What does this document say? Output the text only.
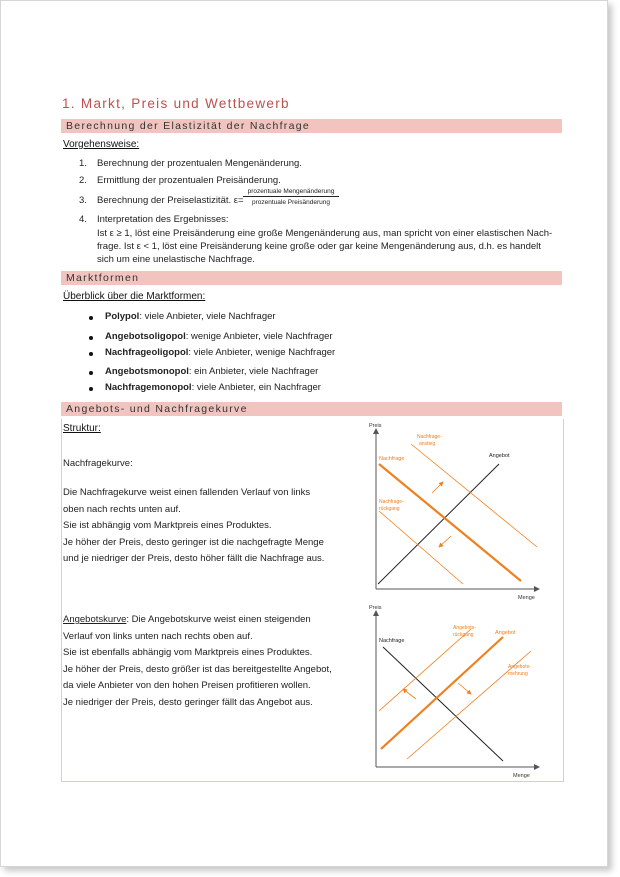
1. Markt, Preis und Wettbewerb
Berechnung der Elastizität der Nachfrage
Vorgehensweise:
1. Berechnung der prozentualen Mengenänderung.
2. Ermittlung der prozentualen Preisänderung.
3. Berechnung der Preiselastizität. ε=
prozentuale Mengenänderung
prozentuale Preisänderung
4. Interpretation des Ergebnisses:
Ist ε ≥ 1, löst eine Preisänderung eine große Mengenänderung aus, man spricht von einer elastischen Nach-
frage. Ist ε < 1, löst eine Preisänderung keine große oder gar keine Mengenänderung aus, d.h. es handelt
sich um eine unelastische Nachfrage.
Marktformen
Überblick über die Marktformen:
Polypol: viele Anbieter, viele Nachfrager
Angebotsoligopol: wenige Anbieter, viele Nachfrager
Nachfrageoligopol: viele Anbieter, wenige Nachfrager
Angebotsmonopol: ein Anbieter, viele Nachfrager
Nachfragemonopol: viele Anbieter, ein Nachfrager
Angebots- und Nachfragekurve
Struktur:
Nachfragekurve:
Die Nachfragekurve weist einen fallenden Verlauf von links
oben nach rechts unten auf.
Sie ist abhängig vom Marktpreis eines Produktes.
Je höher der Preis, desto geringer ist die nachgefragte Menge
und je niedriger der Preis, desto höher fällt die Nachfrage aus.
Angebotskurve: Die Angebotskurve weist einen steigenden
Verlauf von links unten nach rechts oben auf.
Sie ist ebenfalls abhängig vom Marktpreis eines Produktes.
Je höher der Preis, desto größer ist das bereitgestellte Angebot,
da viele Anbieter von den hohen Preisen profitieren wollen.
Je niedriger der Preis, desto geringer fällt das Angebot aus.
Preis
Menge
Nachfrage-
anstieg
Nachfrage	Angebot
Nachfrage-
rückgang
Preis
Menge
Nachfrage
Angebots-
rückgang	Angebot
Angebots-
mehrung
